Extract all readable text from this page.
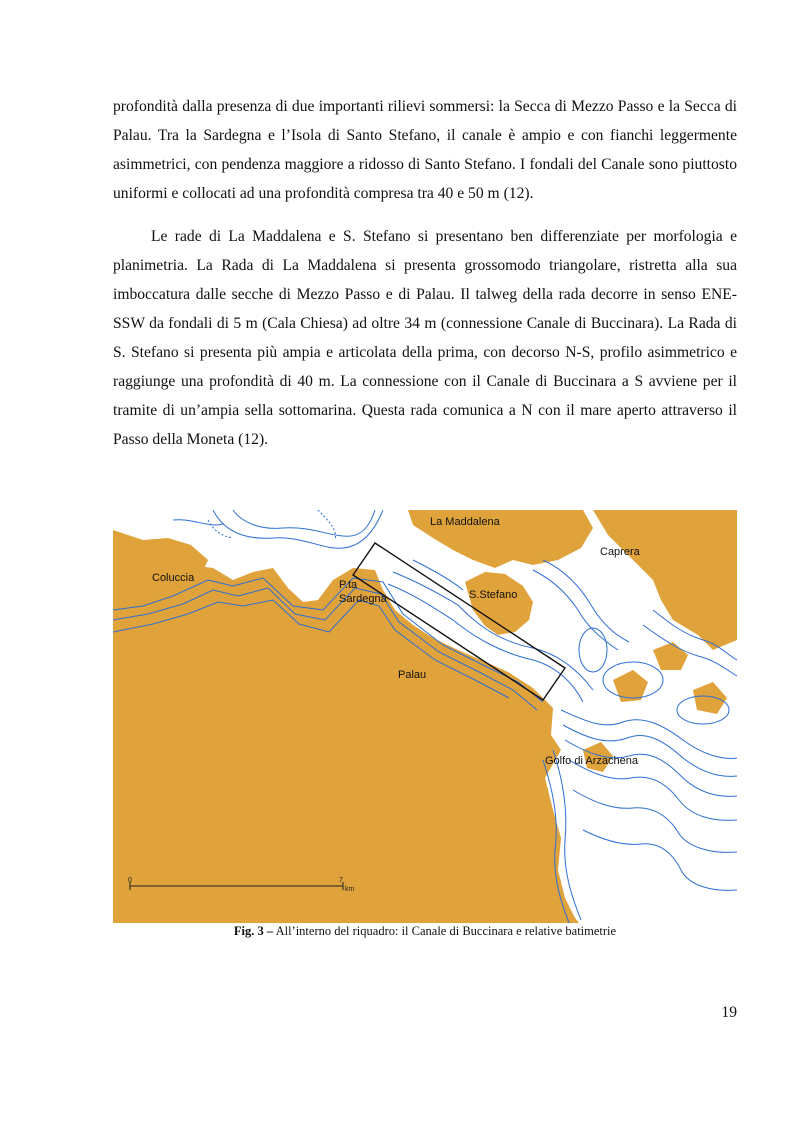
profondità dalla presenza di due importanti rilievi sommersi: la Secca di Mezzo Passo e la Secca di Palau. Tra la Sardegna e l’Isola di Santo Stefano, il canale è ampio e con fianchi leggermente asimmetrici, con pendenza maggiore a ridosso di Santo Stefano. I fondali del Canale sono piuttosto uniformi e collocati ad una profondità compresa tra 40 e 50 m (12).

Le rade di La Maddalena e S. Stefano si presentano ben differenziate per morfologia e planimetria. La Rada di La Maddalena si presenta grossomodo triangolare, ristretta alla sua imboccatura dalle secche di Mezzo Passo e di Palau. Il talweg della rada decorre in senso ENE-SSW da fondali di 5 m (Cala Chiesa) ad oltre 34 m (connessione Canale di Buccinara). La Rada di S. Stefano si presenta più ampia e articolata della prima, con decorso N-S, profilo asimmetrico e raggiunge una profondità di 40 m. La connessione con il Canale di Buccinara a S avviene per il tramite di un’ampia sella sottomarina. Questa rada comunica a N con il mare aperto attraverso il Passo della Moneta (12).

La Maddalena
Caprera
Coluccia
P.ta
Sardegna	S.Stefano
Palau
Golfo di Arzachena
0	7
km
Fig. 3 – All’interno del riquadro: il Canale di Buccinara e relative batimetrie
19
